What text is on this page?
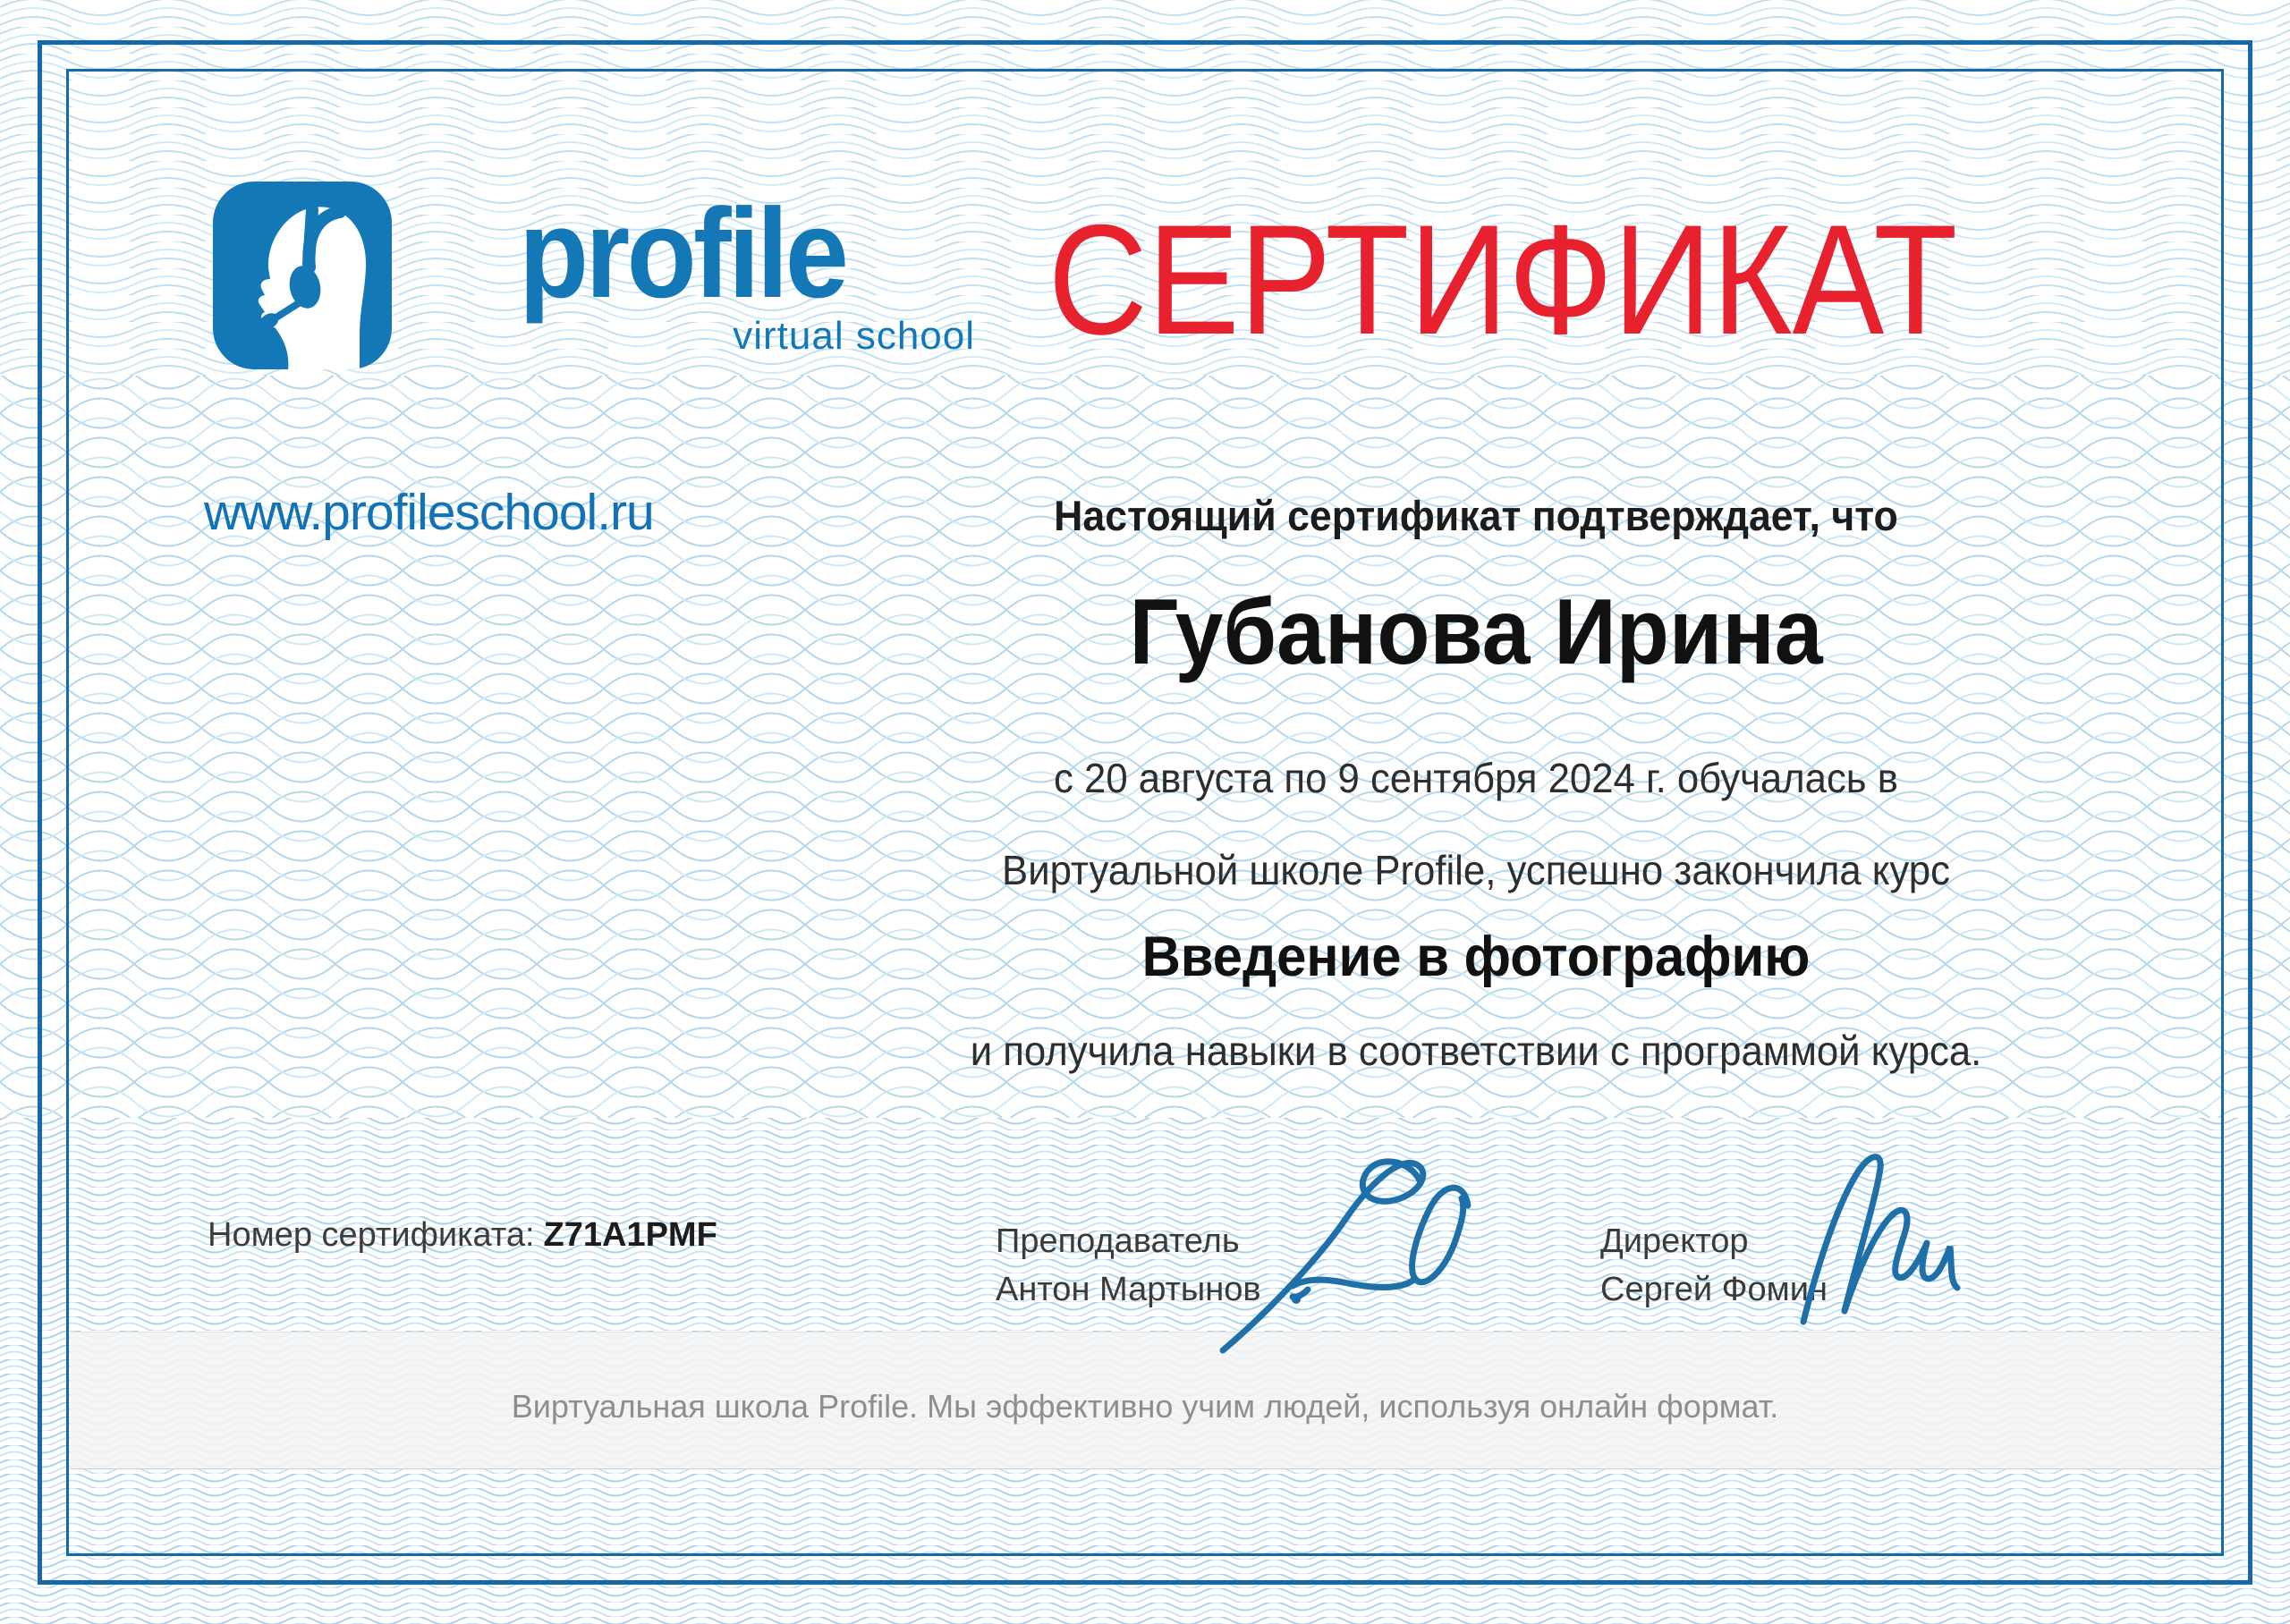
profile
virtual school
www.profileschool.ru
СЕРТИФИКАТ
Настоящий сертификат подтверждает, что
Губанова Ирина
с 20 августа по 9 сентября 2024 г. обучалась в
Виртуальной школе Profile, успешно закончила курс
Введение в фотографию
и получила навыки в соответствии с программой курса.
Номер сертификата: Z71A1PMF	Преподаватель
Антон Мартынов
Директор
Сергей Фомин
Виртуальная школа Profile. Мы эффективно учим людей, используя онлайн формат.
